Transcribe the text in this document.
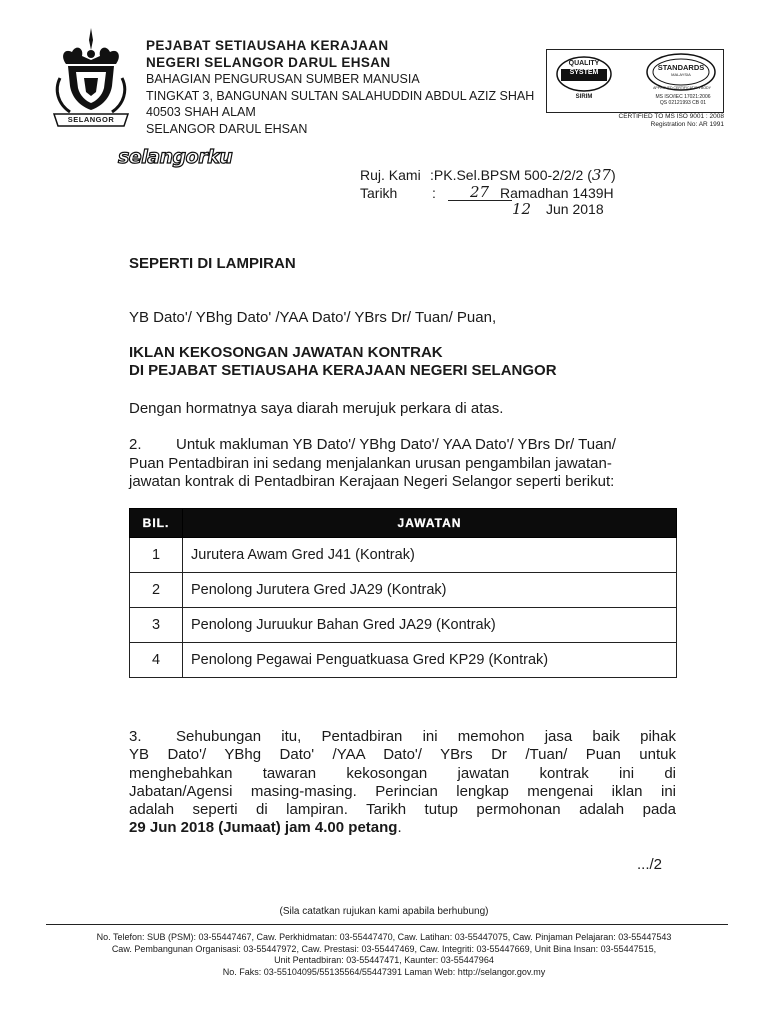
SELANGOR
PEJABAT SETIAUSAHA KERAJAAN
NEGERI SELANGOR DARUL EHSAN
BAHAGIAN PENGURUSAN SUMBER MANUSIA
TINGKAT 3, BANGUNAN SULTAN SALAHUDDIN ABDUL AZIZ SHAH
40503 SHAH ALAM
SELANGOR DARUL EHSAN
QUALITY
SYSTEM
SIRIM
STANDARDS
MALAYSIA
APPROVED CERTIFICATION BODY
MS ISO/IEC 17021:2006
QS 02121993 CB 01
CERTIFIED TO MS ISO 9001 : 2008
Registration No: AR 1991
selangorku
Ruj. Kami :PK.Sel.BPSM 500-2/2/2 (37)
Tarikh : 27 Ramadhan 1439H
12 Jun 2018
SEPERTI DI LAMPIRAN
YB Dato'/ YBhg Dato' /YAA Dato'/ YBrs Dr/ Tuan/ Puan,
IKLAN KEKOSONGAN JAWATAN KONTRAK
DI PEJABAT SETIAUSAHA KERAJAAN NEGERI SELANGOR
Dengan hormatnya saya diarah merujuk perkara di atas.
2. Untuk makluman YB Dato'/ YBhg Dato'/ YAA Dato'/ YBrs Dr/ Tuan/
Puan Pentadbiran ini sedang menjalankan urusan pengambilan jawatan-
jawatan kontrak di Pentadbiran Kerajaan Negeri Selangor seperti berikut:
BIL.	JAWATAN
1	Jurutera Awam Gred J41 (Kontrak)
2	Penolong Jurutera Gred JA29 (Kontrak)
3	Penolong Juruukur Bahan Gred JA29 (Kontrak)
4	Penolong Pegawai Penguatkuasa Gred KP29 (Kontrak)
3. Sehubungan itu, Pentadbiran ini memohon jasa baik pihak
YB Dato'/ YBhg Dato' /YAA Dato'/ YBrs Dr /Tuan/ Puan untuk
menghebahkan tawaran kekosongan jawatan kontrak ini di
Jabatan/Agensi masing-masing. Perincian lengkap mengenai iklan ini
adalah seperti di lampiran. Tarikh tutup permohonan adalah pada
29 Jun 2018 (Jumaat) jam 4.00 petang.
.../2
(Sila catatkan rujukan kami apabila berhubung)
No. Telefon: SUB (PSM): 03-55447467, Caw. Perkhidmatan: 03-55447470, Caw. Latihan: 03-55447075, Caw. Pinjaman Pelajaran: 03-55447543
Caw. Pembangunan Organisasi: 03-55447972, Caw. Prestasi: 03-55447469, Caw. Integriti: 03-55447669, Unit Bina Insan: 03-55447515,
Unit Pentadbiran: 03-55447471, Kaunter: 03-55447964
No. Faks: 03-55104095/55135564/55447391 Laman Web: http://selangor.gov.my
